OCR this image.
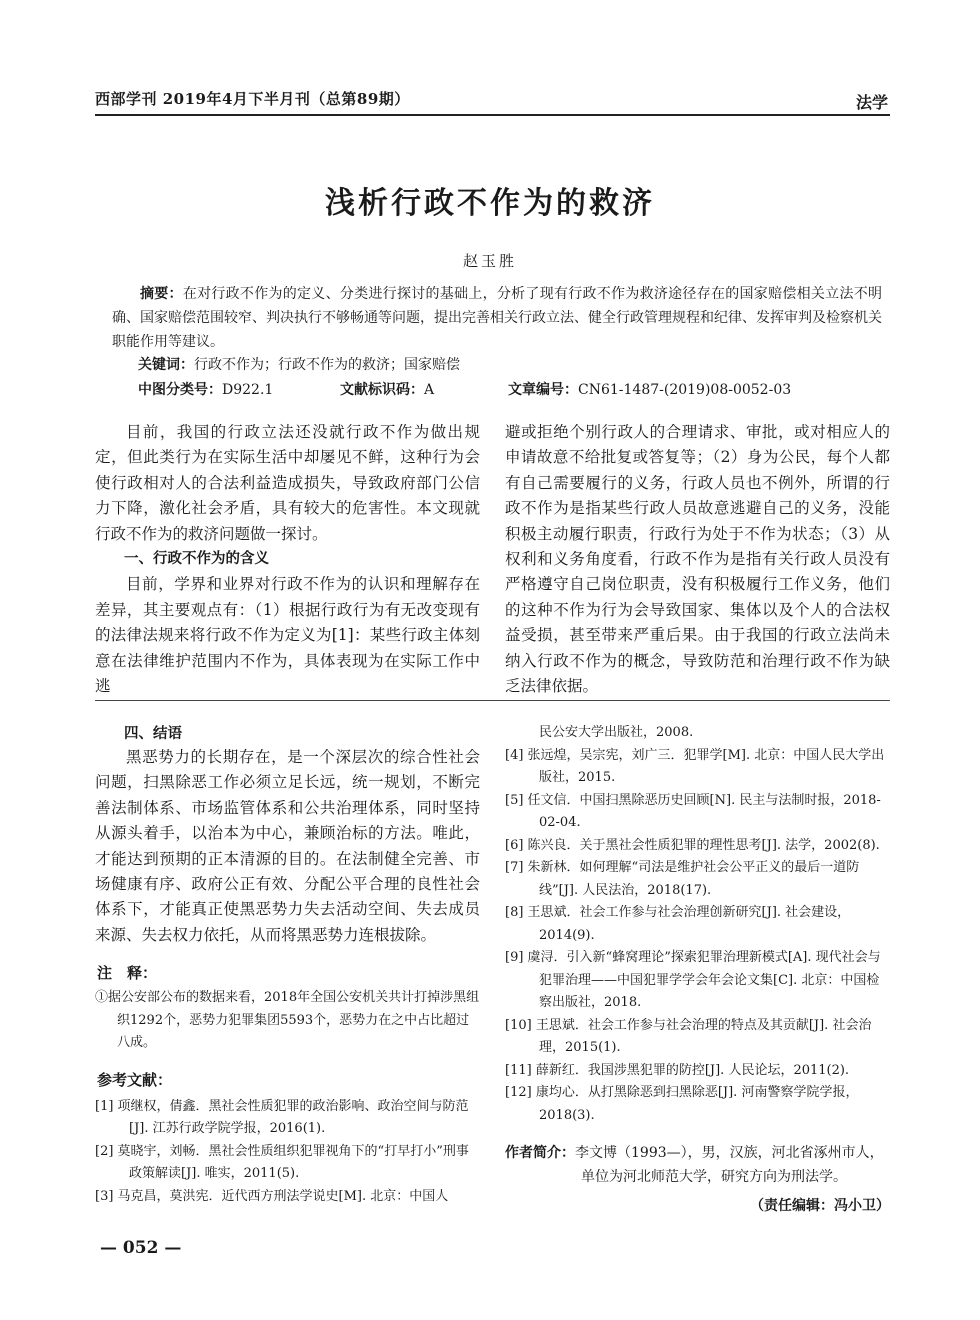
西部学刊 2019年4月下半月刊（总第89期）	法学
浅析行政不作为的救济
赵玉胜
摘要：在对行政不作为的定义、分类进行探讨的基础上，分析了现有行政不作为救济途径存在的国家赔偿相关立法不明确、国家赔偿范围较窄、判决执行不够畅通等问题，提出完善相关行政立法、健全行政管理规程和纪律、发挥审判及检察机关职能作用等建议。
关键词：行政不作为；行政不作为的救济；国家赔偿
中图分类号：D922.1	文献标识码：A	文章编号：CN61-1487-(2019)08-0052-03

目前，我国的行政立法还没就行政不作为做出规定，但此类行为在实际生活中却屡见不鲜，这种行为会使行政相对人的合法利益造成损失，导致政府部门公信力下降，激化社会矛盾，具有较大的危害性。本文现就行政不作为的救济问题做一探讨。

一、行政不作为的含义

目前，学界和业界对行政不作为的认识和理解存在差异，其主要观点有：（1）根据行政行为有无改变现有的法律法规来将行政不作为定义为[1]：某些行政主体刻意在法律维护范围内不作为，具体表现为在实际工作中逃

避或拒绝个别行政人的合理请求、审批，或对相应人的申请故意不给批复或答复等；（2）身为公民，每个人都有自己需要履行的义务，行政人员也不例外，所谓的行政不作为是指某些行政人员故意逃避自己的义务，没能积极主动履行职责，行政行为处于不作为状态；（3）从权利和义务角度看，行政不作为是指有关行政人员没有严格遵守自己岗位职责，没有积极履行工作义务，他们的这种不作为行为会导致国家、集体以及个人的合法权益受损，甚至带来严重后果。由于我国的行政立法尚未纳入行政不作为的概念，导致防范和治理行政不作为缺乏法律依据。

四、结语

黑恶势力的长期存在，是一个深层次的综合性社会问题，扫黑除恶工作必须立足长远，统一规划，不断完善法制体系、市场监管体系和公共治理体系，同时坚持从源头着手，以治本为中心，兼顾治标的方法。唯此，才能达到预期的正本清源的目的。在法制健全完善、市场健康有序、政府公正有效、分配公平合理的良性社会体系下，才能真正使黑恶势力失去活动空间、失去成员来源、失去权力依托，从而将黑恶势力连根拔除。

注　释：

①据公安部公布的数据来看，2018年全国公安机关共计打掉涉黑组织1292个，恶势力犯罪集团5593个，恶势力在之中占比超过八成。

参考文献：

[1] 项继权，倩鑫．黑社会性质犯罪的政治影响、政治空间与防范[J]. 江苏行政学院学报，2016(1).

[2] 莫晓宇，刘畅．黑社会性质组织犯罪视角下的“打早打小”刑事政策解读[J]. 唯实，2011(5).

[3] 马克昌，莫洪宪．近代西方刑法学说史[M]. 北京：中国人

民公安大学出版社，2008.

[4] 张远煌，吴宗宪，刘广三．犯罪学[M]. 北京：中国人民大学出版社，2015.

[5] 任文信．中国扫黑除恶历史回顾[N]. 民主与法制时报，2018-02-04.

[6] 陈兴良．关于黑社会性质犯罪的理性思考[J]. 法学，2002(8).

[7] 朱新林．如何理解“司法是维护社会公平正义的最后一道防线”[J]. 人民法治，2018(17).

[8] 王思斌．社会工作参与社会治理创新研究[J]. 社会建设，2014(9).

[9] 虞浔．引入新“蜂窝理论”探索犯罪治理新模式[A]. 现代社会与犯罪治理——中国犯罪学学会年会论文集[C]. 北京：中国检察出版社，2018.

[10] 王思斌．社会工作参与社会治理的特点及其贡献[J]. 社会治理，2015(1).

[11] 薛新红．我国涉黑犯罪的防控[J]. 人民论坛，2011(2).

[12] 康均心．从打黑除恶到扫黑除恶[J]. 河南警察学院学报，2018(3).

作者简介：李文博（1993—），男，汉族，河北省涿州市人，单位为河北师范大学，研究方向为刑法学。
（责任编辑：冯小卫）
— 052 —
